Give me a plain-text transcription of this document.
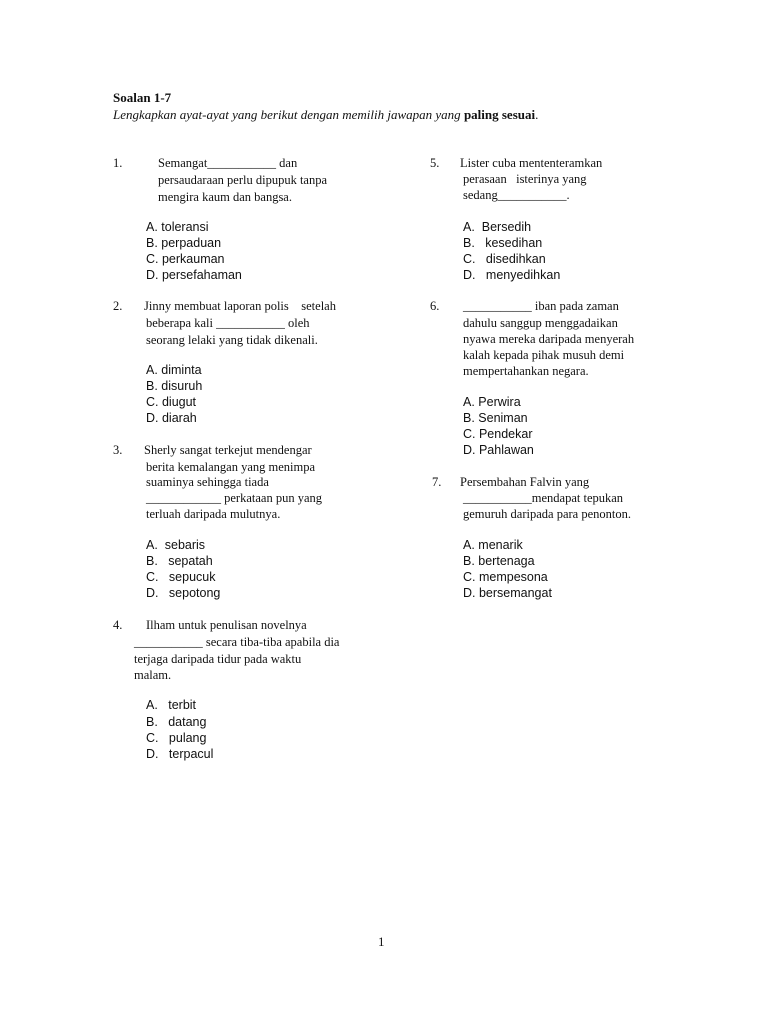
Soalan 1-7
Lengkapkan ayat-ayat yang berikut dengan memilih jawapan yang paling sesuai.
1.	Semangat___________ dan
persaudaraan perlu dipupuk tanpa
mengira kaum dan bangsa.
A. toleransi
B. perpaduan
C. perkauman
D. persefahaman
2. Jinny membuat laporan polis    setelah
beberapa kali ___________ oleh
seorang lelaki yang tidak dikenali.
A. diminta
B. disuruh
C. diugut
D. diarah
3. Sherly sangat terkejut mendengar
berita kemalangan yang menimpa
suaminya sehingga tiada
____________ perkataan pun yang
terluah daripada mulutnya.
A.  sebaris
B.   sepatah
C.   sepucuk
D.   sepotong
4. Ilham untuk penulisan novelnya
___________ secara tiba-tiba apabila dia
terjaga daripada tidur pada waktu
malam.
A.   terbit
B.   datang
C.   pulang
D.   terpacul
5. Lister cuba mententeramkan
perasaan   isterinya yang
sedang___________.
A.  Bersedih
B.   kesedihan
C.   disedihkan
D.   menyedihkan
6. ___________ iban pada zaman
dahulu sanggup menggadaikan
nyawa mereka daripada menyerah
kalah kepada pihak musuh demi
mempertahankan negara.
A. Perwira
B. Seniman
C. Pendekar
D. Pahlawan
7. Persembahan Falvin yang
___________mendapat tepukan
gemuruh daripada para penonton.
A. menarik
B. bertenaga
C. mempesona
D. bersemangat
1
